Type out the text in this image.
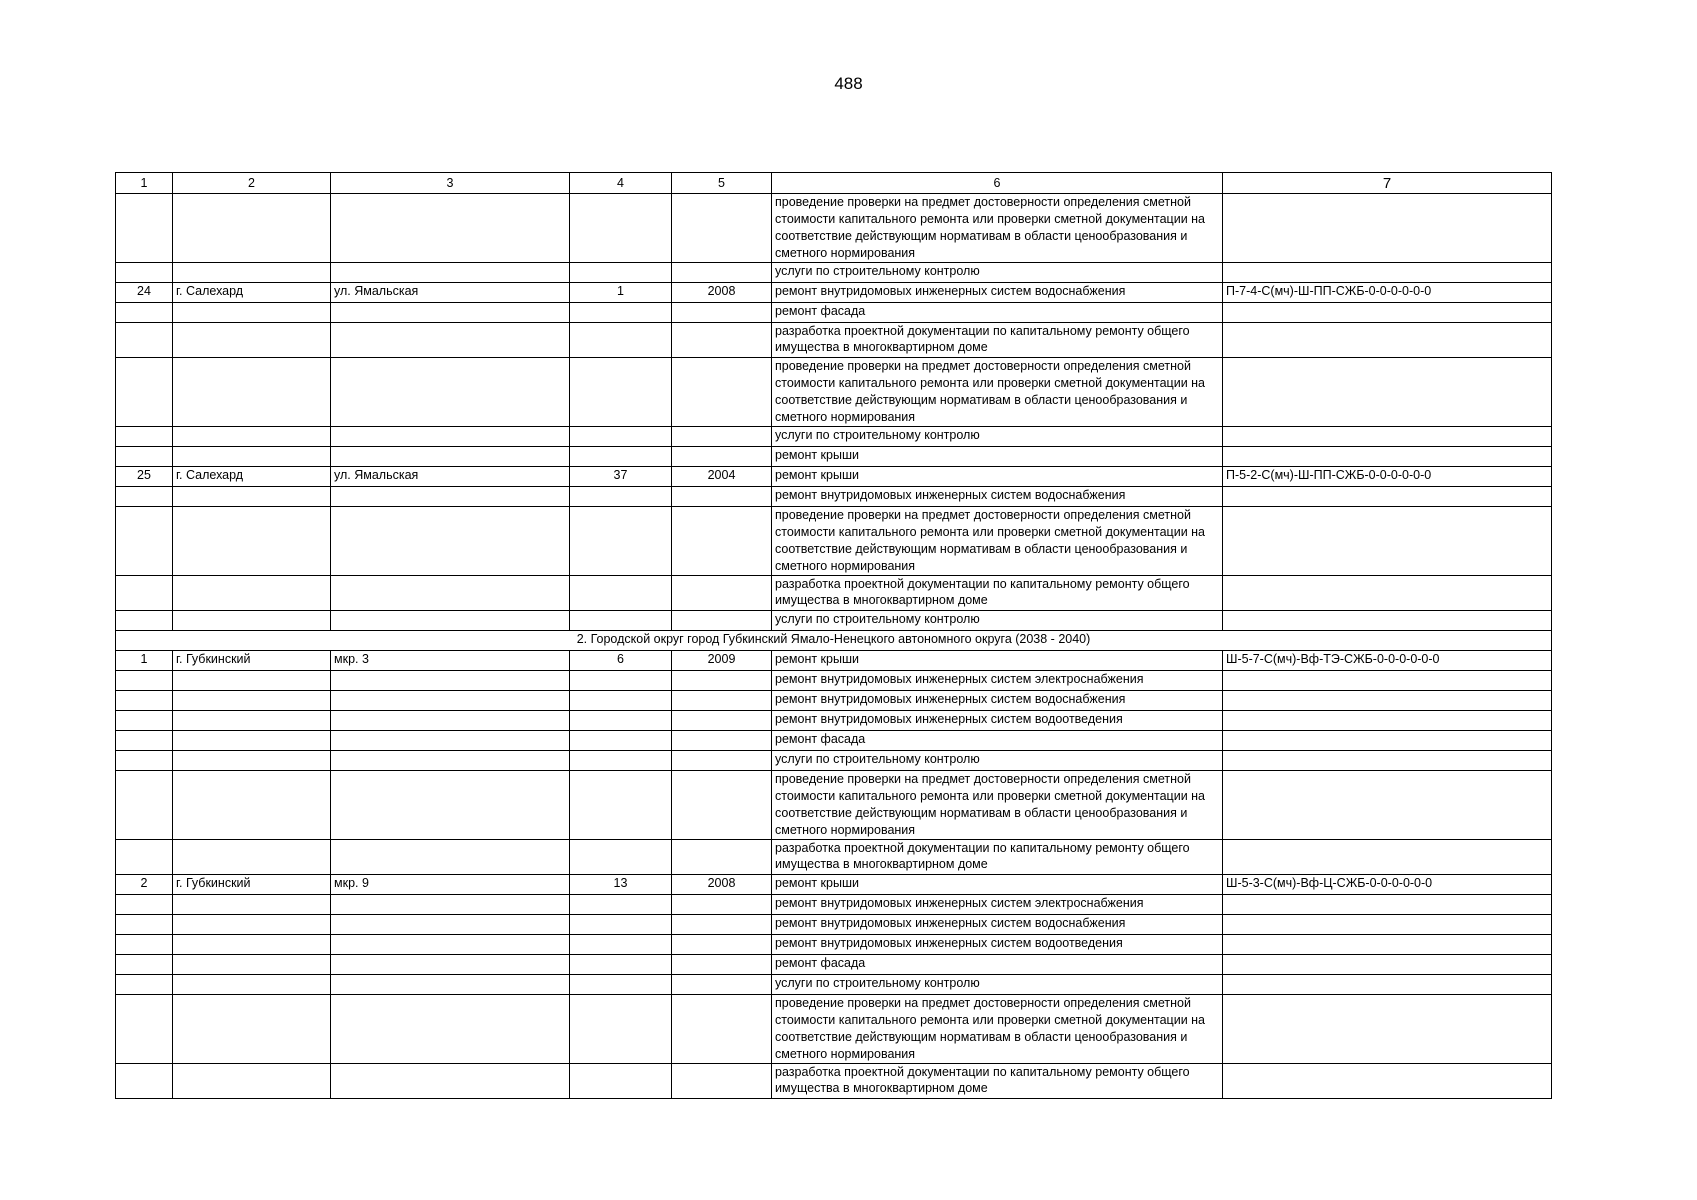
488
1	2	3	4	5	6	7
					проведение проверки на предмет достоверности определения сметной стоимости капитального ремонта или проверки сметной документации на соответствие действующим нормативам в области ценообразования и сметного нормирования	
					услуги по строительному контролю	
24	г. Салехард	ул. Ямальская	1	2008	ремонт внутридомовых инженерных систем водоснабжения	П-7-4-С(мч)-Ш-ПП-СЖБ-0-0-0-0-0-0
					ремонт фасада	
					разработка проектной документации по капитальному ремонту общего имущества в многоквартирном доме	
					проведение проверки на предмет достоверности определения сметной стоимости капитального ремонта или проверки сметной документации на соответствие действующим нормативам в области ценообразования и сметного нормирования	
					услуги по строительному контролю	
					ремонт крыши	
25	г. Салехард	ул. Ямальская	37	2004	ремонт крыши	П-5-2-С(мч)-Ш-ПП-СЖБ-0-0-0-0-0-0
					ремонт внутридомовых инженерных систем водоснабжения	
					проведение проверки на предмет достоверности определения сметной стоимости капитального ремонта или проверки сметной документации на соответствие действующим нормативам в области ценообразования и сметного нормирования	
					разработка проектной документации по капитальному ремонту общего имущества в многоквартирном доме	
					услуги по строительному контролю	
2. Городской округ город Губкинский Ямало-Ненецкого автономного округа (2038 - 2040)						
1	г. Губкинский	мкр. 3	6	2009	ремонт крыши	Ш-5-7-С(мч)-Вф-ТЭ-СЖБ-0-0-0-0-0-0
					ремонт внутридомовых инженерных систем электроснабжения	
					ремонт внутридомовых инженерных систем водоснабжения	
					ремонт внутридомовых инженерных систем водоотведения	
					ремонт фасада	
					услуги по строительному контролю	
					проведение проверки на предмет достоверности определения сметной стоимости капитального ремонта или проверки сметной документации на соответствие действующим нормативам в области ценообразования и сметного нормирования	
					разработка проектной документации по капитальному ремонту общего имущества в многоквартирном доме	
2	г. Губкинский	мкр. 9	13	2008	ремонт крыши	Ш-5-3-С(мч)-Вф-Ц-СЖБ-0-0-0-0-0-0
					ремонт внутридомовых инженерных систем электроснабжения	
					ремонт внутридомовых инженерных систем водоснабжения	
					ремонт внутридомовых инженерных систем водоотведения	
					ремонт фасада	
					услуги по строительному контролю	
					проведение проверки на предмет достоверности определения сметной стоимости капитального ремонта или проверки сметной документации на соответствие действующим нормативам в области ценообразования и сметного нормирования	
					разработка проектной документации по капитальному ремонту общего имущества в многоквартирном доме	
